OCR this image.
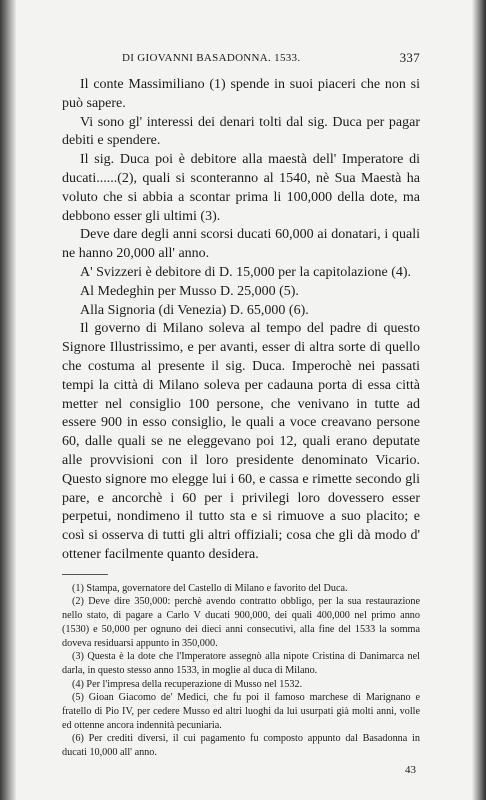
DI GIOVANNI BASADONNA. 1533.	337

Il conte Massimiliano (1) spende in suoi piaceri che non si può sapere.

Vi sono gl' interessi dei denari tolti dal sig. Duca per pagar debiti e spendere.

Il sig. Duca poi è debitore alla maestà dell' Imperatore di ducati......(2), quali si sconteranno al 1540, nè Sua Maestà ha voluto che si abbia a scontar prima li 100,000 della dote, ma debbono esser gli ultimi (3).

Deve dare degli anni scorsi ducati 60,000 ai donatari, i quali ne hanno 20,000 all' anno.

A' Svizzeri è debitore di D. 15,000 per la capitolazione (4).

Al Medeghin per Musso D. 25,000 (5).

Alla Signoria (di Venezia) D. 65,000 (6).

Il governo di Milano soleva al tempo del padre di questo Signore Illustrissimo, e per avanti, esser di altra sorte di quello che costuma al presente il sig. Duca. Imperochè nei passati tempi la città di Milano soleva per cadauna porta di essa città metter nel consiglio 100 persone, che venivano in tutte ad essere 900 in esso consiglio, le quali a voce creavano persone 60, dalle quali se ne eleggevano poi 12, quali erano deputate alle provvisioni con il loro presidente denominato Vicario. Questo signore mo elegge lui i 60, e cassa e rimette secondo gli pare, e ancorchè i 60 per i privilegi loro dovessero esser perpetui, nondimeno il tutto sta e si rimuove a suo placito; e così si osserva di tutti gli altri offiziali; cosa che gli dà modo d' ottener facilmente quanto desidera.

(1) Stampa, governatore del Castello di Milano e favorito del Duca.

(2) Deve dire 350,000: perchè avendo contratto obbligo, per la sua restaurazione nello stato, di pagare a Carlo V ducati 900,000, dei quali 400,000 nel primo anno (1530) e 50,000 per ognuno dei dieci anni consecutivi, alla fine del 1533 la somma doveva residuarsi appunto in 350,000.

(3) Questa è la dote che l'Imperatore assegnò alla nipote Cristina di Danimarca nel darla, in questo stesso anno 1533, in moglie al duca di Milano.

(4) Per l'impresa della recuperazione di Musso nel 1532.

(5) Gioan Giacomo de' Medici, che fu poi il famoso marchese di Marignano e fratello di Pio IV, per cedere Musso ed altri luoghi da lui usurpati già molti anni, volle ed ottenne ancora indennità pecuniaria.

(6) Per crediti diversi, il cui pagamento fu composto appunto dal Basadonna in ducati 10,000 all' anno.

43
